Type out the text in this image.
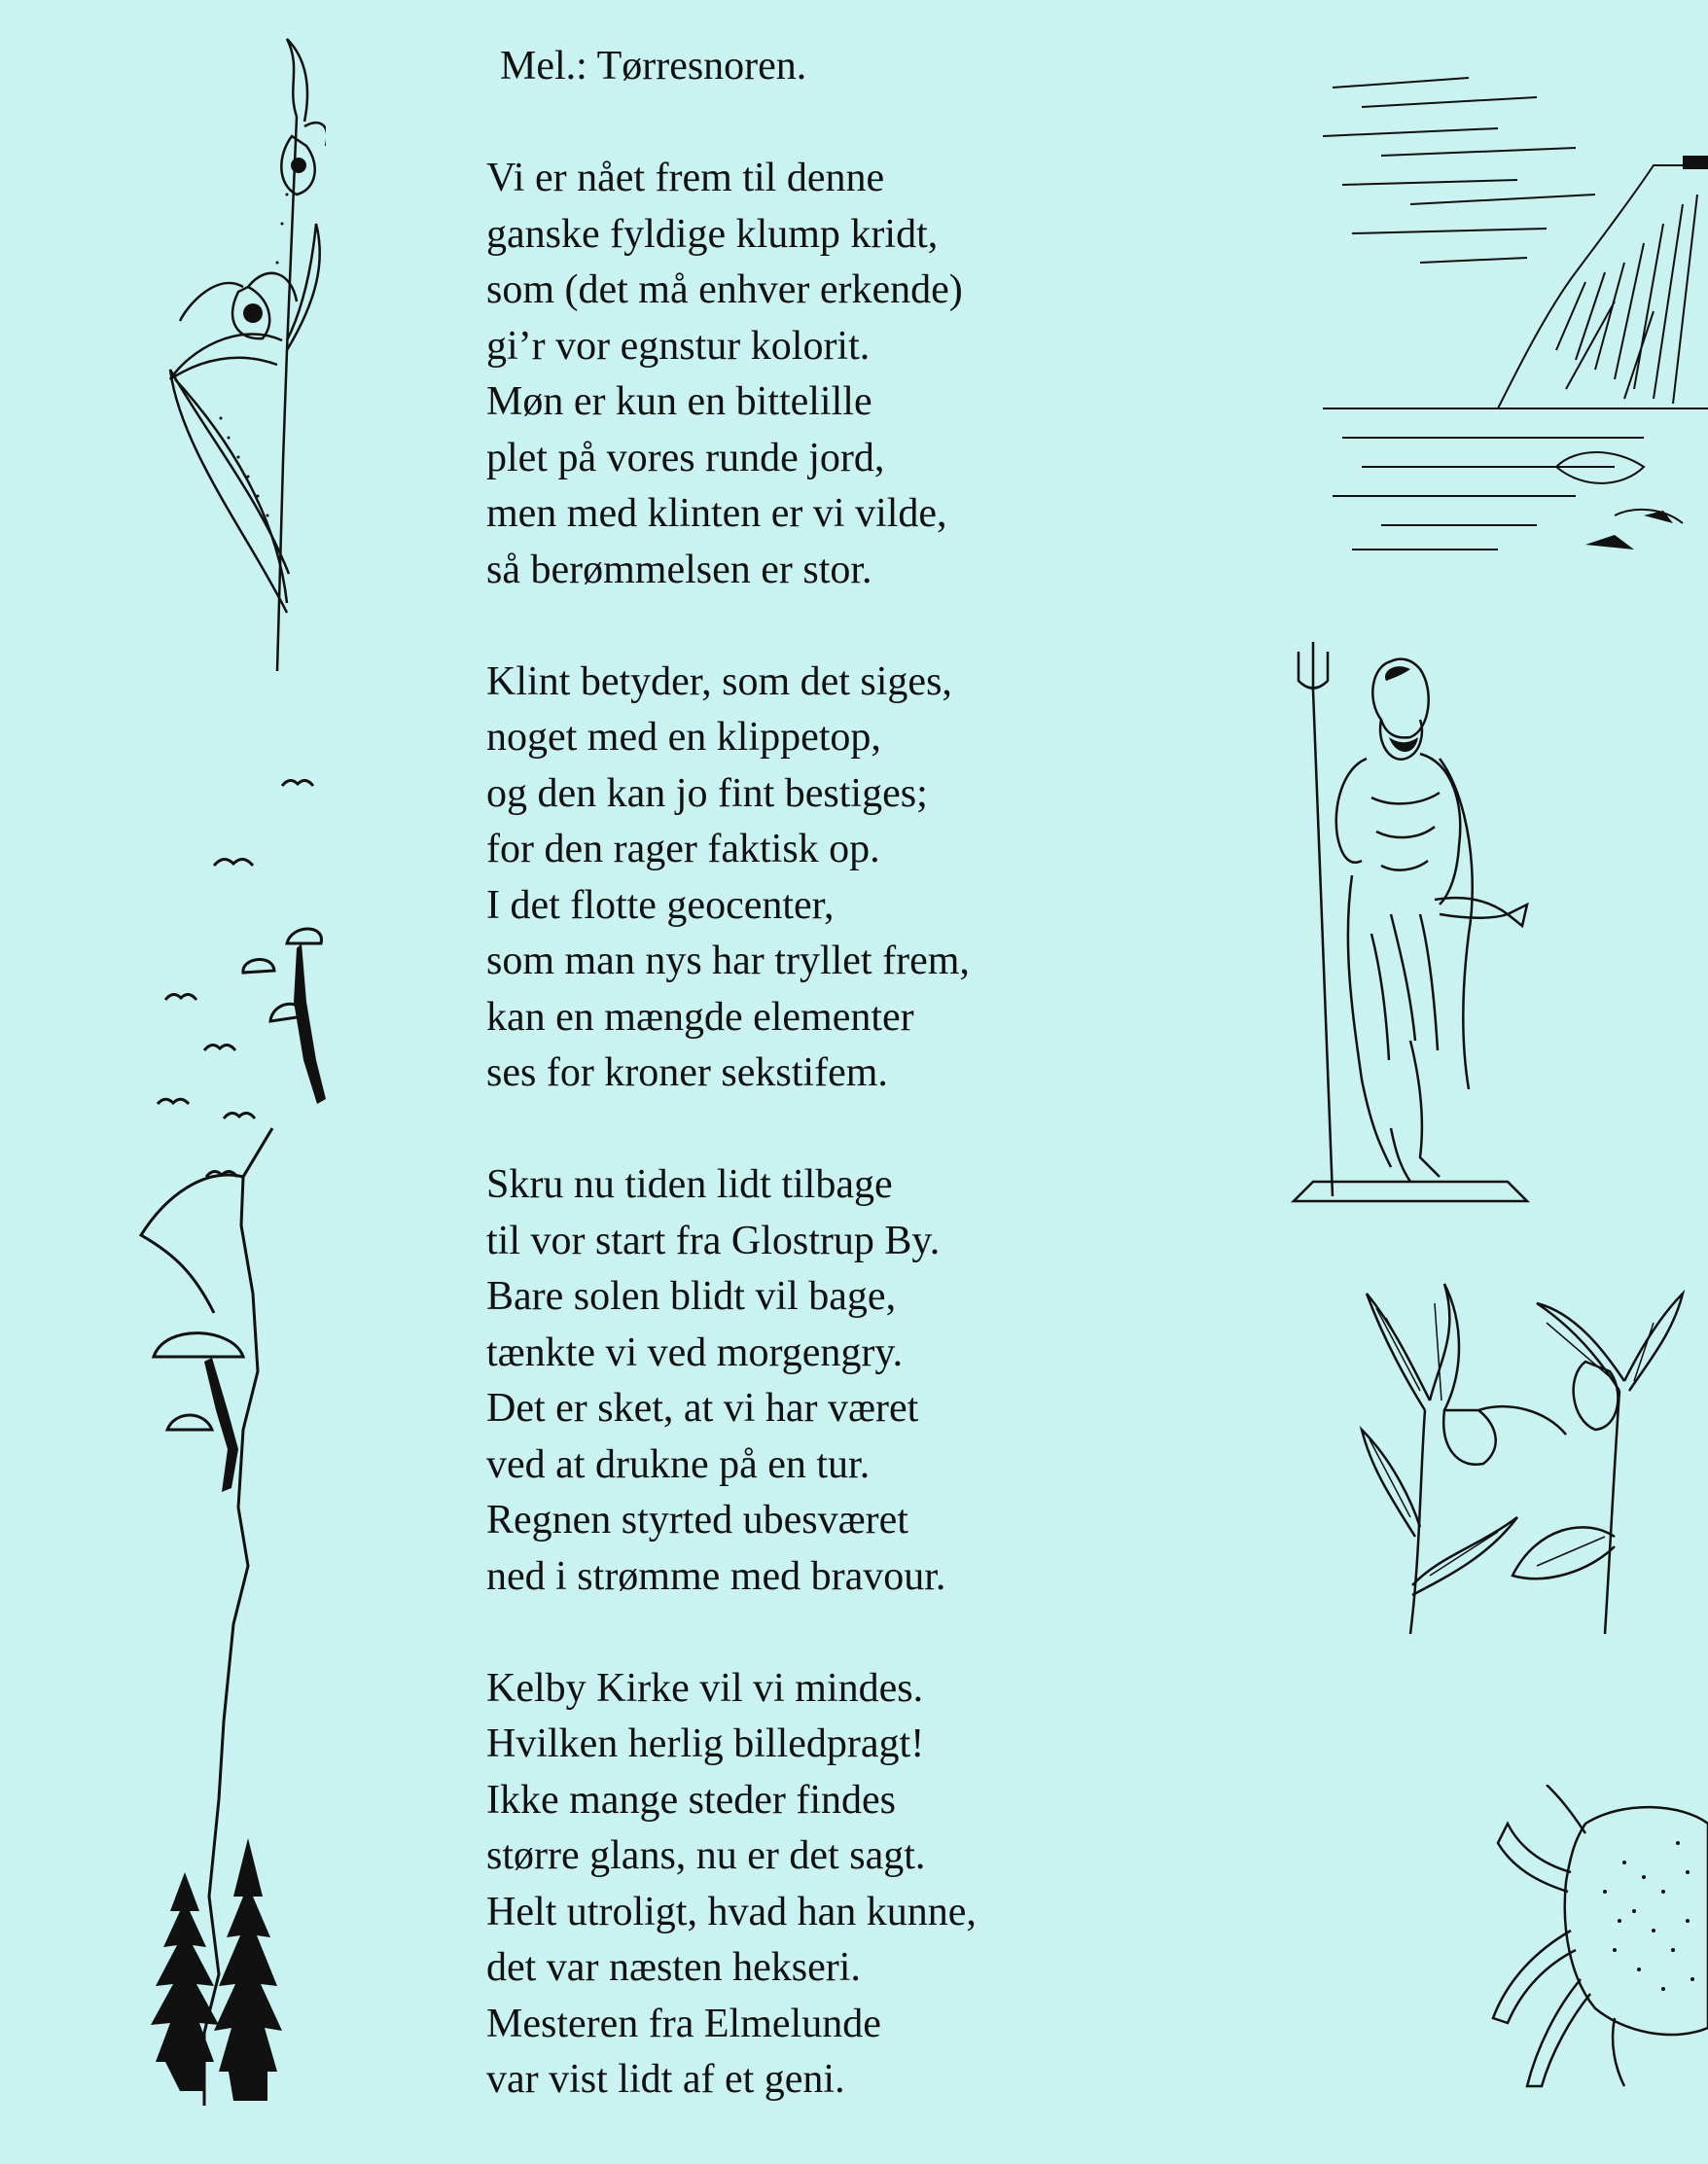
Mel.: Tørresnoren.
Vi er nået frem til denne
ganske fyldige klump kridt,
som (det må enhver erkende)
gi’r vor egnstur kolorit.
Møn er kun en bittelille
plet på vores runde jord,
men med klinten er vi vilde,
så berømmelsen er stor.
Klint betyder, som det siges,
noget med en klippetop,
og den kan jo fint bestiges;
for den rager faktisk op.
I det flotte geocenter,
som man nys har tryllet frem,
kan en mængde elementer
ses for kroner sekstifem.
Skru nu tiden lidt tilbage
til vor start fra Glostrup By.
Bare solen blidt vil bage,
tænkte vi ved morgengry.
Det er sket, at vi har været
ved at drukne på en tur.
Regnen styrted ubesværet
ned i strømme med bravour.
Kelby Kirke vil vi mindes.
Hvilken herlig billedpragt!
Ikke mange steder findes
større glans, nu er det sagt.
Helt utroligt, hvad han kunne,
det var næsten hekseri.
Mesteren fra Elmelunde
var vist lidt af et geni.
